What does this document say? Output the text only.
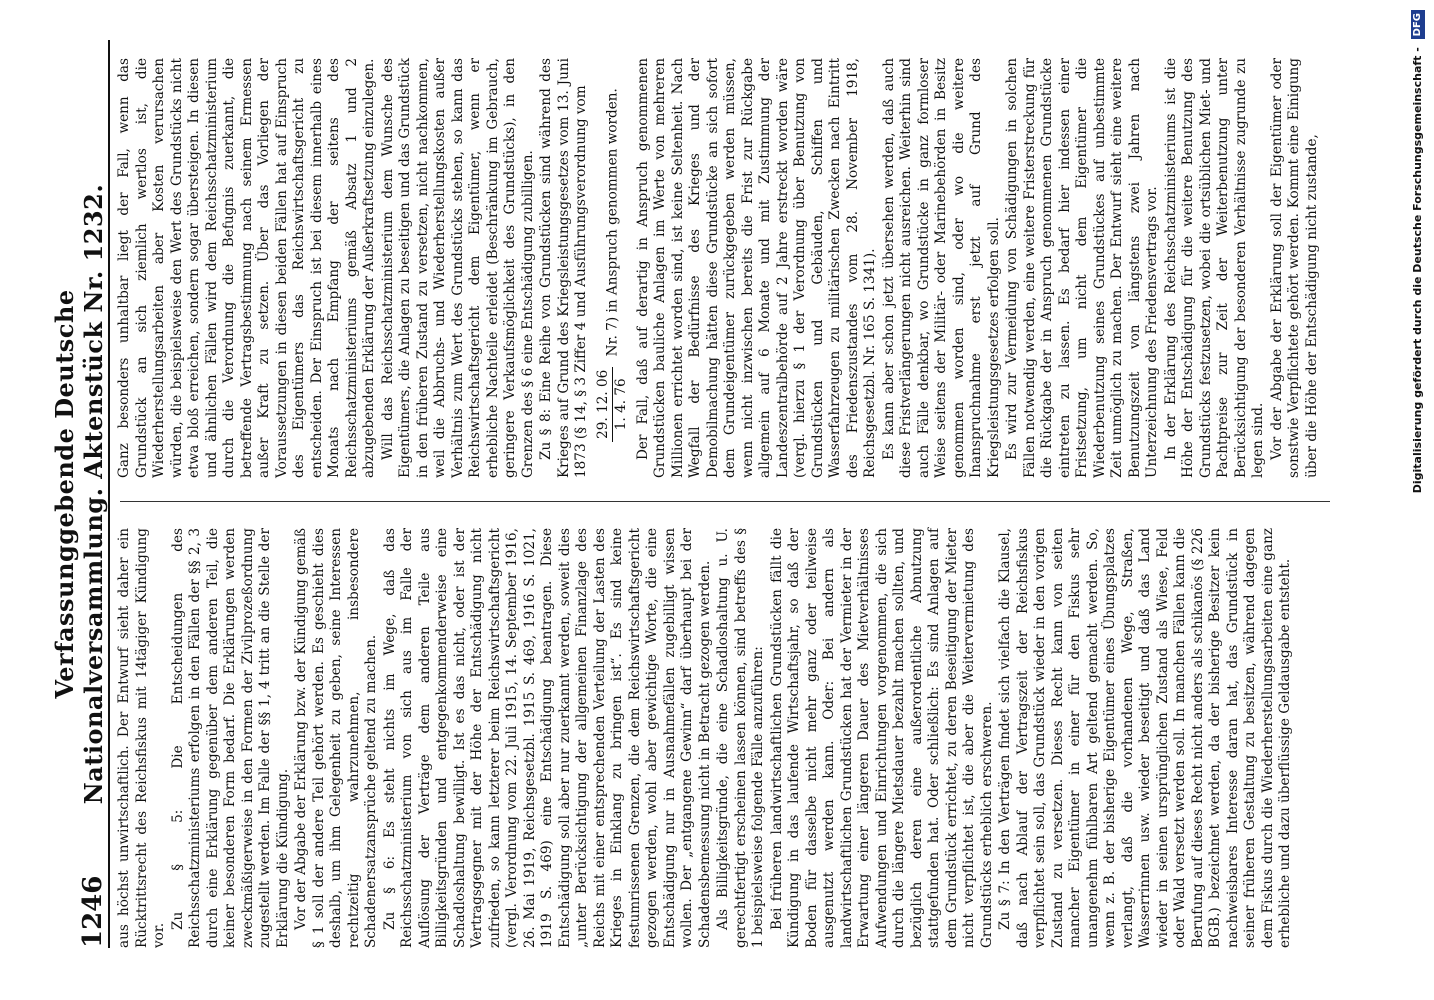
1246
Verfassunggebende Deutsche Nationalversammlung. Aktenstück Nr. 1232. aus höchst unwirtschaftlich. Der Entwurf sieht daher ein Rücktrittsrecht des Reichsfiskus mit 14tägiger Kündigung vor.

Zu § 5: Die Entscheidungen des Reichsschatzministeriums erfolgen in den Fällen der §§ 2, 3 durch eine Erklärung gegenüber dem anderen Teil, die keiner besonderen Form bedarf. Die Erklärungen werden zweckmäßigerweise in den Formen der Zivilprozeßordnung zugestellt werden. Im Falle der §§ 1, 4 tritt an die Stelle der Erklärung die Kündigung. Vor der Abgabe der Erklärung bzw. der Kündigung gemäß § 1 soll der andere Teil gehört werden. Es geschieht dies deshalb, um ihm Gelegenheit zu geben, seine Interessen rechtzeitig wahrzunehmen, insbesondere Schadenersatzansprüche geltend zu machen. Zu § 6: Es steht nichts im Wege, daß das Reichsschatzministerium von sich aus im Falle der Auflösung der Verträge dem anderen Teile aus Billigkeitsgründen und entgegenkommenderweise eine Schadloshaltung bewilligt. Ist es das nicht, oder ist der Vertragsgegner mit der Höhe der Entschädigung nicht zufrieden, so kann letzterer beim Reichswirtschaftsgericht (vergl. Verordnung vom 22. Juli 1915, 14. September 1916, 26. Mai 1919, Reichsgesetzbl. 1915 S. 469, 1916 S. 1021, 1919 S. 469) eine Entschädigung beantragen. Diese Entschädigung soll aber nur zuerkannt werden, soweit dies „unter Berücksichtigung der allgemeinen Finanzlage des Reichs mit einer entsprechenden Verteilung der Lasten des Krieges in Einklang zu bringen ist“. Es sind keine festumrissenen Grenzen, die dem Reichswirtschaftsgericht gezogen werden, wohl aber gewichtige Worte, die eine Entschädigung nur in Ausnahmefällen zugebilligt wissen wollen. Der „entgangene Gewinn“ darf überhaupt bei der Schadensbemessung nicht in Betracht gezogen werden. Als Billigkeitsgründe, die eine Schadloshaltung u. U. gerechtfertigt erscheinen lassen können, sind betreffs des § 1 beispielsweise folgende Fälle anzuführen: Bei früheren landwirtschaftlichen Grundstücken fällt die Kündigung in das laufende Wirtschaftsjahr, so daß der Boden für dasselbe nicht mehr ganz oder teilweise ausgenutzt werden kann. Oder: Bei andern als landwirtschaftlichen Grundstücken hat der Vermieter in der Erwartung einer längeren Dauer des Mietverhältnisses Aufwendungen und Einrichtungen vorgenommen, die sich durch die längere Mietsdauer bezahlt machen sollten, und bezüglich deren eine außerordentliche Abnutzung stattgefunden hat. Oder schließlich: Es sind Anlagen auf dem Grundstück errichtet, zu deren Beseitigung der Mieter nicht verpflichtet ist, die aber die Weitervermietung des Grundstücks erheblich erschweren. Zu § 7: In den Verträgen findet sich vielfach die Klausel, daß nach Ablauf der Vertragszeit der Reichsfiskus verpflichtet sein soll, das Grundstück wieder in den vorigen Zustand zu versetzen. Dieses Recht kann von seiten mancher Eigentümer in einer für den Fiskus sehr unangenehm fühlbaren Art geltend gemacht werden. So, wenn z. B. der bisherige Eigentümer eines Übungsplatzes verlangt, daß die vorhandenen Wege, Straßen, Wasserrinnen usw. wieder beseitigt und daß das Land wieder in seinen ursprünglichen Zustand als Wiese, Feld oder Wald versetzt werden soll. In manchen Fällen kann die Berufung auf dieses Recht nicht anders als schikanös (§ 226 BGB.) bezeichnet werden, da der bisherige Besitzer kein nachweisbares Interesse daran hat, das Grundstück in seiner früheren Gestaltung zu besitzen, während dagegen dem Fiskus durch die Wiederherstellungsarbeiten eine ganz erhebliche und dazu überflüssige Geldausgabe entsteht.

Ganz besonders unhaltbar liegt der Fall, wenn das Grundstück an sich ziemlich wertlos ist, die Wiederherstellungsarbeiten aber Kosten verursachen würden, die beispielsweise den Wert des Grundstücks nicht etwa bloß erreichen, sondern sogar übersteigen. In diesen und ähnlichen Fällen wird dem Reichsschatzministerium durch die Verordnung die Befugnis zuerkannt, die betreffende Vertragsbestimmung nach seinem Ermessen außer Kraft zu setzen. Über das Vorliegen der Voraussetzungen in diesen beiden Fällen hat auf Einspruch des Eigentümers das Reichswirtschaftsgericht zu entscheiden. Der Einspruch ist bei diesem innerhalb eines Monats nach Empfang der seitens des Reichsschatzministeriums gemäß Absatz 1 und 2 abzugebenden Erklärung der Außerkraftsetzung einzulegen. Will das Reichsschatzministerium dem Wunsche des Eigentümers, die Anlagen zu beseitigen und das Grundstück in den früheren Zustand zu versetzen, nicht nachkommen, weil die Abbruchs- und Wiederherstellungskosten außer Verhältnis zum Wert des Grundstücks stehen, so kann das Reichswirtschaftsgericht dem Eigentümer, wenn er erhebliche Nachteile erleidet (Beschränkung im Gebrauch, geringere Verkaufsmöglichkeit des Grundstücks), in den Grenzen des § 6 eine Entschädigung zubilligen. Zu § 8: Eine Reihe von Grundstücken sind während des Krieges auf Grund des Kriegsleistungsgesetzes vom 13. Juni 1873 (§ 14, § 3 Ziffer 4 und Ausführungsverordnung vom 29. 12. 06 1. 4. 76
Nr. 7) in Anspruch genommen worden.	Der Fall, daß auf derartig in Anspruch genommenen Grundstücken bauliche Anlagen im Werte von mehreren Millionen errichtet worden sind, ist keine Seltenheit. Nach Wegfall der Bedürfnisse des Krieges und der Demobilmachung hätten diese Grundstücke an sich sofort dem Grundeigentümer zurückgegeben werden müssen, wenn nicht inzwischen bereits die Frist zur Rückgabe allgemein auf 6 Monate und mit Zustimmung der Landeszentralbehörde auf 2 Jahre erstreckt worden wäre (vergl. hierzu § 1 der Verordnung über Benutzung von Grundstücken und Gebäuden, Schiffen und Wasserfahrzeugen zu militärischen Zwecken nach Eintritt des Friedenszustandes vom 28. November 1918, Reichsgesetzbl. Nr. 165 S. 1341). Es kann aber schon jetzt übersehen werden, daß auch diese Fristverlängerungen nicht ausreichen. Weiterhin sind auch Fälle denkbar, wo Grundstücke in ganz formloser Weise seitens der Militär- oder Marinebehörden in Besitz genommen worden sind, oder wo die weitere Inanspruchnahme erst jetzt auf Grund des Kriegsleistungsgesetzes erfolgen soll. Es wird zur Vermeidung von Schädigungen in solchen Fällen notwendig werden, eine weitere Fristerstreckung für die Rückgabe der in Anspruch genommenen Grundstücke eintreten zu lassen. Es bedarf hier indessen einer Fristsetzung, um nicht dem Eigentümer die Wiederbenutzung seines Grundstückes auf unbestimmte Zeit unmöglich zu machen. Der Entwurf sieht eine weitere Benutzungszeit von längstens zwei Jahren nach Unterzeichnung des Friedensvertrags vor. In der Erklärung des Reichsschatzministeriums ist die Höhe der Entschädigung für die weitere Benutzung des Grundstücks festzusetzen, wobei die ortsüblichen Miet- und Pachtpreise zur Zeit der Weiterbenutzung unter Berücksichtigung der besonderen Verhältnisse zugrunde zu legen sind. Vor der Abgabe der Erklärung soll der Eigentümer oder sonstwie Verpflichtete gehört werden. Kommt eine Einigung über die Höhe der Entschädigung nicht zustande,	Digitalisierung gefördert durch die Deutsche Forschungsgemeinschaft - DFG
